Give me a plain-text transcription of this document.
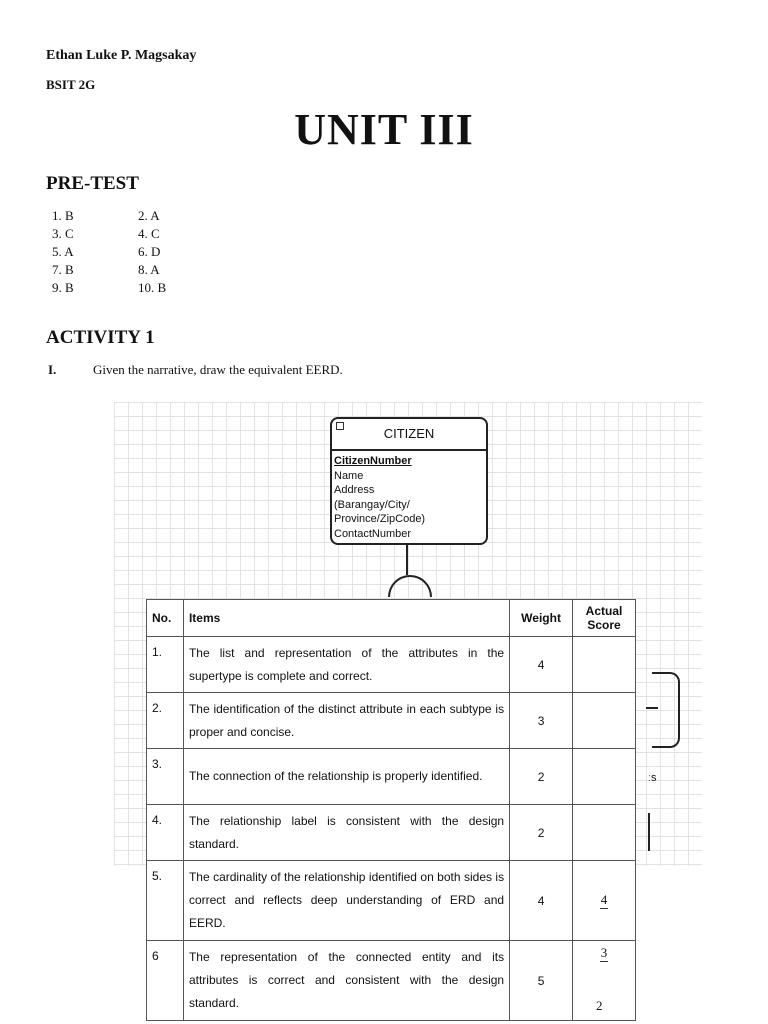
Ethan Luke P. Magsakay
BSIT 2G
UNIT III
PRE-TEST
1. B	2. A
3. C	4. C
5. A	6. D
7. B	8. A
9. B	10. B
ACTIVITY 1
I.	Given the narrative, draw the equivalent EERD.
CITIZEN
CitizenNumber
Name
Address
(Barangay/City/
Province/ZipCode)
ContactNumber
ːs
No.	Items	Weight	Actual Score
1.	The list and representation of the attributes in the supertype is complete and correct.	4	
2.	The identification of the distinct attribute in each subtype is proper and concise.	3	
3.	The connection of the relationship is properly identified.	2	
4.	The relationship label is consistent with the design standard.	2	
5.	The cardinality of the relationship identified on both sides is correct and reflects deep understanding of ERD and EERD.	4	4

6	The representation of the connected entity and its attributes is correct and consistent with the design standard.	5	3
2
